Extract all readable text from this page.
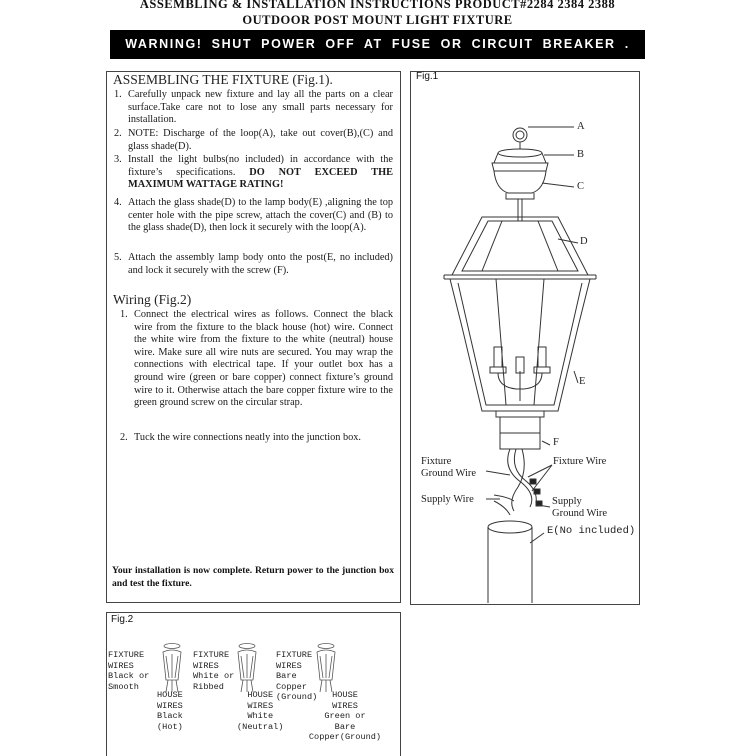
ASSEMBLING & INSTALLATION INSTRUCTIONS PRODUCT#2284 2384 2388
OUTDOOR POST MOUNT LIGHT FIXTURE
WARNING! SHUT POWER OFF AT FUSE OR CIRCUIT BREAKER .
ASSEMBLING THE FIXTURE (Fig.1).
1. Carefully unpack new fixture and lay all the parts on a clear surface.Take care not to lose any small parts necessary for installation.
2. NOTE: Discharge of the loop(A), take out cover(B),(C) and glass shade(D).
3. Install the light bulbs(no included) in accordance with the fixture’s specifications. DO NOT EXCEED THE MAXIMUM WATTAGE RATING!
4. Attach the glass shade(D) to the lamp body(E) ,aligning the top center hole with the pipe screw, attach the cover(C) and (B) to the glass shade(D), then lock it securely with the loop(A).
5. Attach the assembly lamp body onto the post(E, no included) and lock it securely with the screw (F).
Wiring (Fig.2)
1. Connect the electrical wires as follows. Connect the black wire from the fixture to the black house (hot) wire. Connect the white wire from the fixture to the white (neutral) house wire. Make sure all wire nuts are secured. You may wrap the connections with electrical tape. If your outlet box has a ground wire (green or bare copper) connect fixture’s ground wire to it. Otherwise attach the bare copper fixture wire to the green ground screw on the circular strap.
2. Tuck the wire connections neatly into the junction box.
Your installation is now complete. Return power to the junction box and test the fixture.
Fig.1
A
B
C
D
E
F
Fixture
Ground Wire
Fixture Wire
Supply Wire	Supply
Ground Wire
E(No included)
Fig.2
FIXTURE
WIRES
Black or
Smooth
HOUSE
WIRES
Black
(Hot)
FIXTURE
WIRES
White or
Ribbed
HOUSE
WIRES
White
(Neutral)
FIXTURE
WIRES
Bare
Copper
(Ground)	HOUSE
WIRES
Green or
Bare Copper(Ground)
